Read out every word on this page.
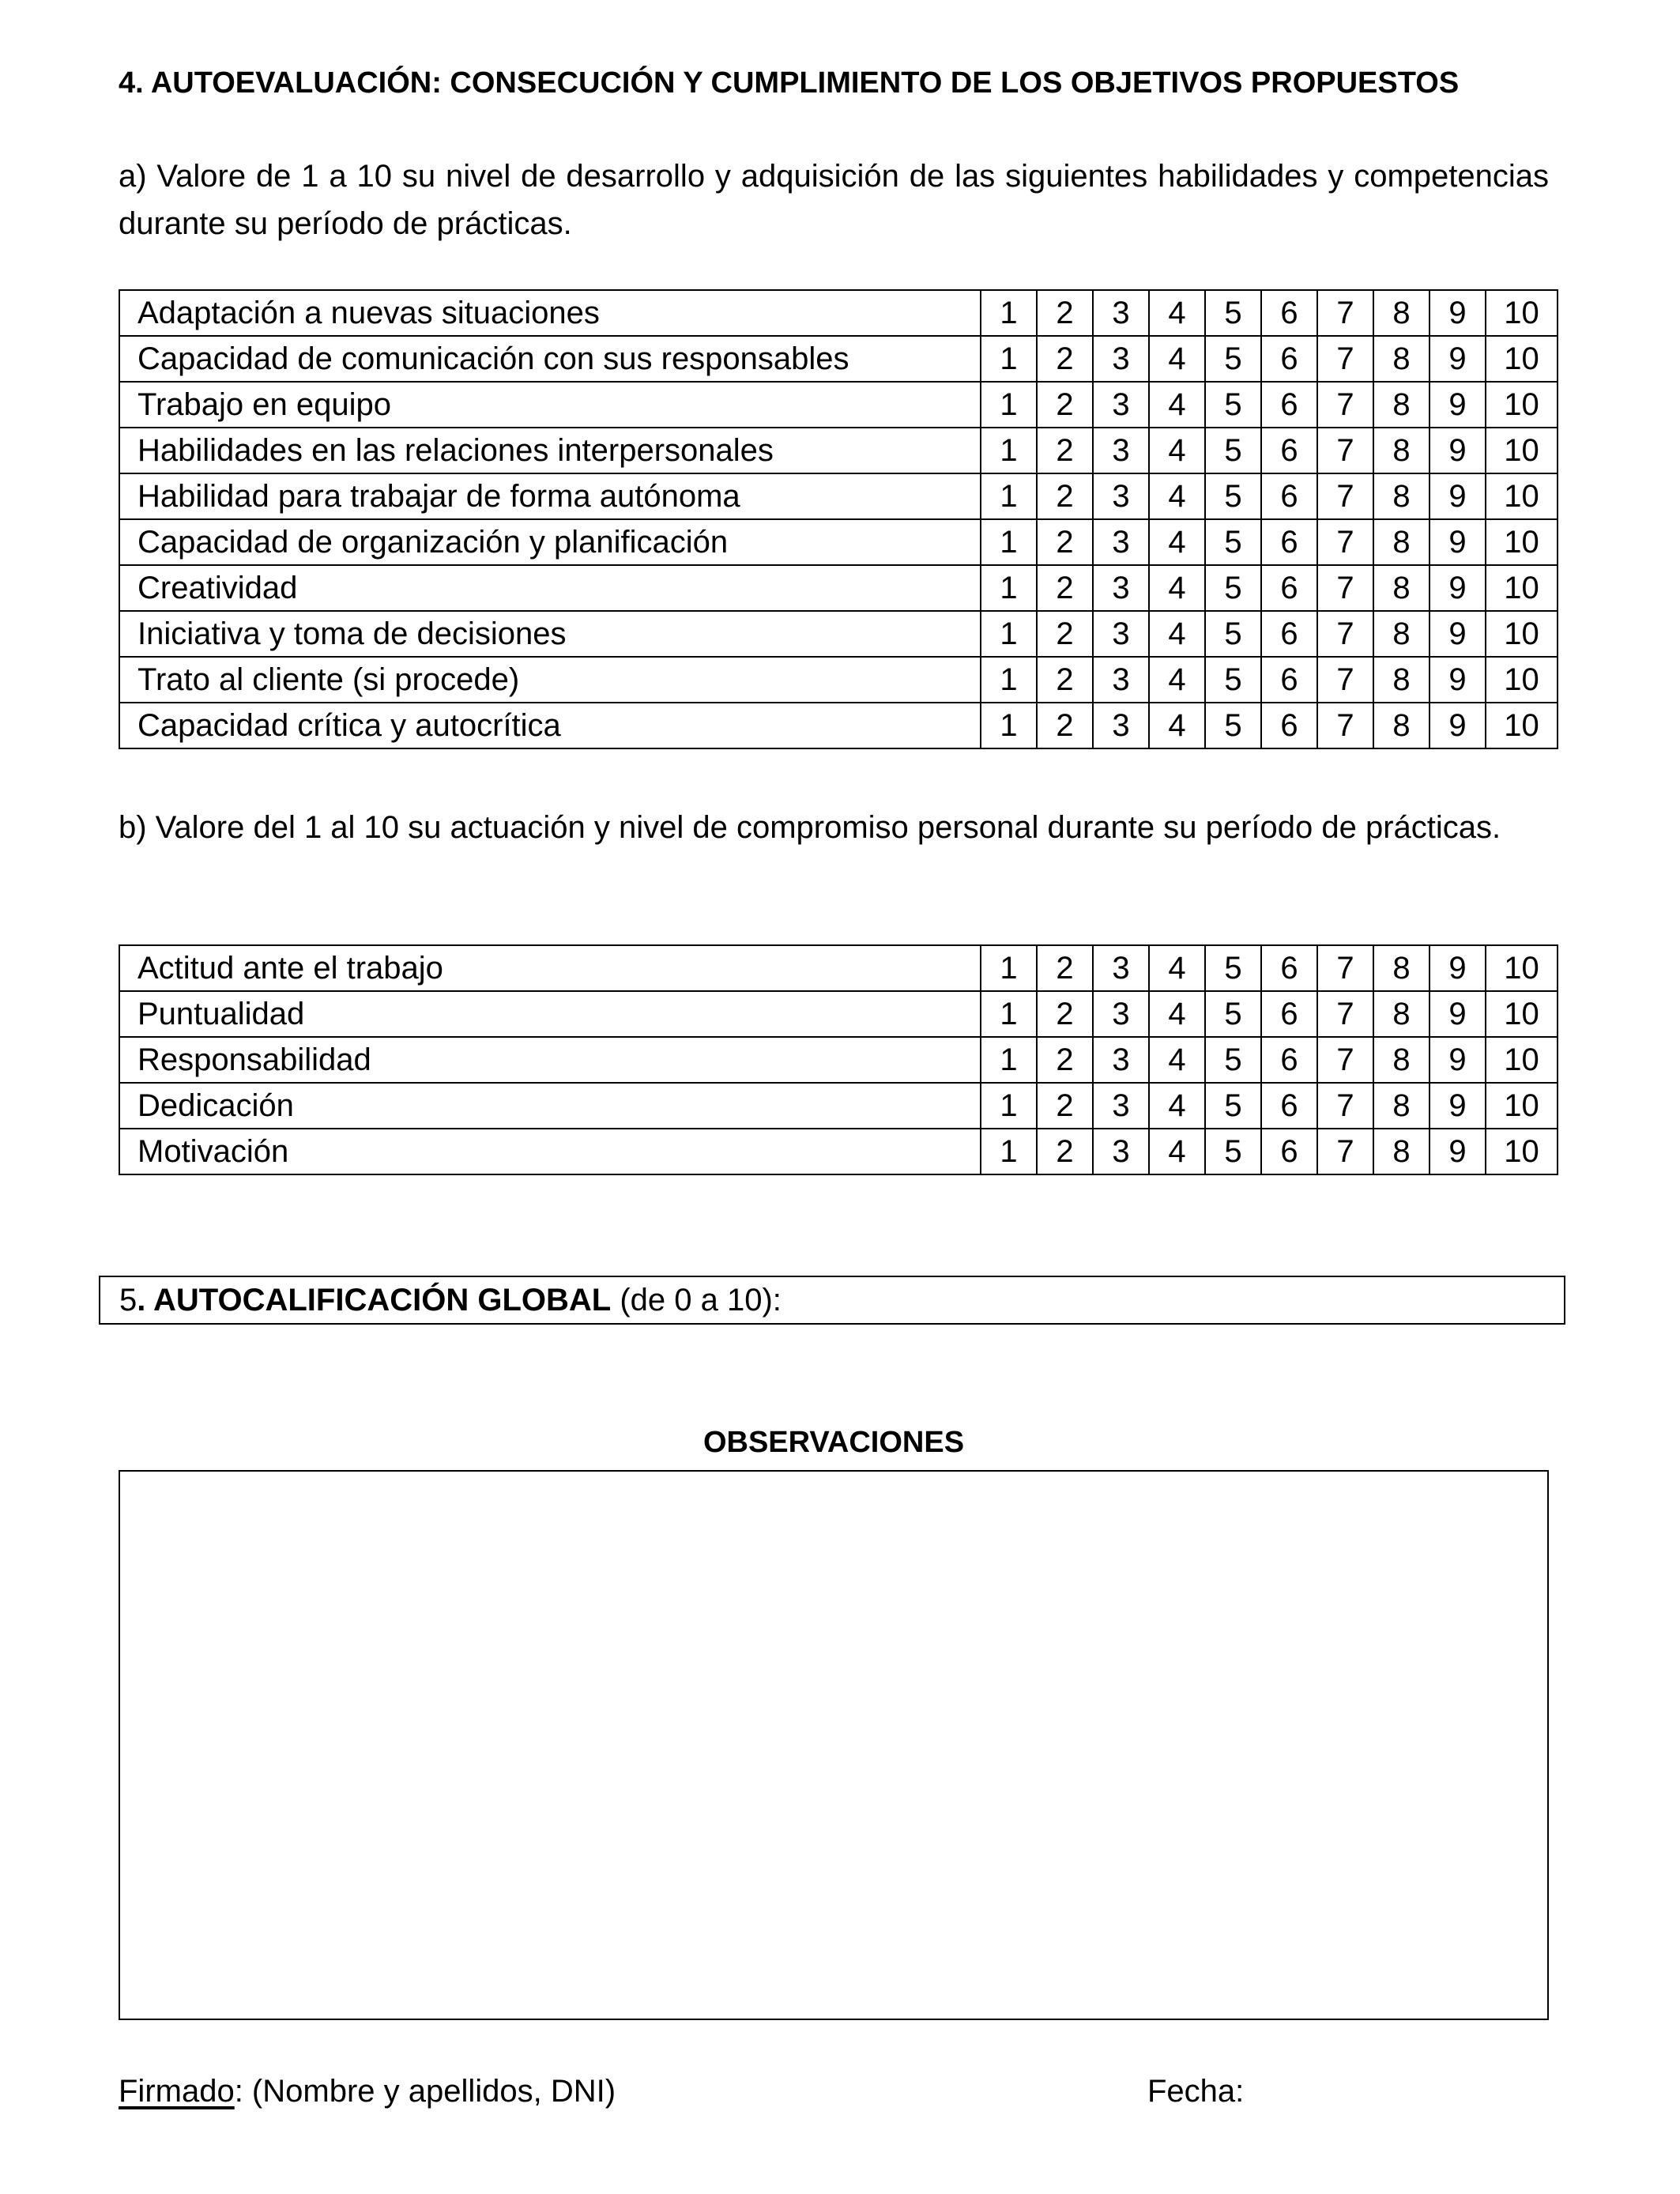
4. AUTOEVALUACIÓN: CONSECUCIÓN Y CUMPLIMIENTO DE LOS OBJETIVOS PROPUESTOS
a) Valore de 1 a 10 su nivel de desarrollo y adquisición de las siguientes habilidades y competencias durante su período de prácticas.
Adaptación a nuevas situaciones	1	2	3	4	5	6	7	8	9	10
Capacidad de comunicación con sus responsables	1	2	3	4	5	6	7	8	9	10
Trabajo en equipo	1	2	3	4	5	6	7	8	9	10
Habilidades en las relaciones interpersonales	1	2	3	4	5	6	7	8	9	10
Habilidad para trabajar de forma autónoma	1	2	3	4	5	6	7	8	9	10
Capacidad de organización y planificación	1	2	3	4	5	6	7	8	9	10
Creatividad	1	2	3	4	5	6	7	8	9	10
Iniciativa y toma de decisiones	1	2	3	4	5	6	7	8	9	10
Trato al cliente (si procede)	1	2	3	4	5	6	7	8	9	10
Capacidad crítica y autocrítica	1	2	3	4	5	6	7	8	9	10
b) Valore del 1 al 10 su actuación y nivel de compromiso personal durante su período de prácticas.
Actitud ante el trabajo	1	2	3	4	5	6	7	8	9	10
Puntualidad	1	2	3	4	5	6	7	8	9	10
Responsabilidad	1	2	3	4	5	6	7	8	9	10
Dedicación	1	2	3	4	5	6	7	8	9	10
Motivación	1	2	3	4	5	6	7	8	9	10
5. AUTOCALIFICACIÓN GLOBAL (de 0 a 10):
OBSERVACIONES
Firmado: (Nombre y apellidos, DNI)	Fecha:
